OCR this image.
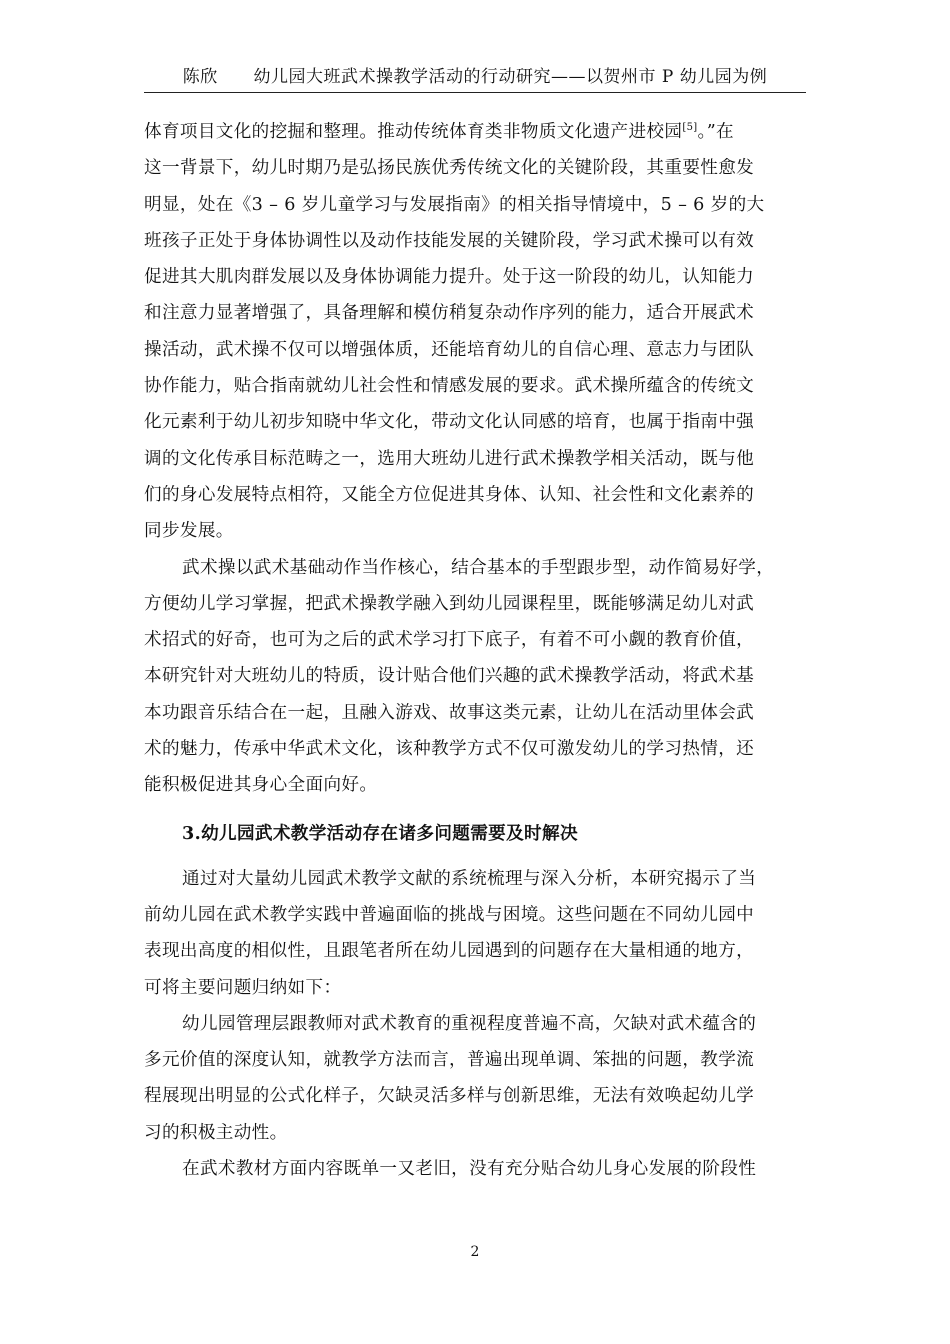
陈欣 幼儿园大班武术操教学活动的行动研究——以贺州市 P 幼儿园为例
体育项目文化的挖掘和整理。推动传统体育类非物质文化遗产进校园[5]。”在
这一背景下，幼儿时期乃是弘扬民族优秀传统文化的关键阶段，其重要性愈发
明显，处在《3 – 6 岁儿童学习与发展指南》的相关指导情境中，5 – 6 岁的大
班孩子正处于身体协调性以及动作技能发展的关键阶段，学习武术操可以有效
促进其大肌肉群发展以及身体协调能力提升。处于这一阶段的幼儿，认知能力
和注意力显著增强了，具备理解和模仿稍复杂动作序列的能力，适合开展武术
操活动，武术操不仅可以增强体质，还能培育幼儿的自信心理、意志力与团队
协作能力，贴合指南就幼儿社会性和情感发展的要求。武术操所蕴含的传统文
化元素利于幼儿初步知晓中华文化，带动文化认同感的培育，也属于指南中强
调的文化传承目标范畴之一，选用大班幼儿进行武术操教学相关活动，既与他
们的身心发展特点相符，又能全方位促进其身体、认知、社会性和文化素养的
同步发展。
武术操以武术基础动作当作核心，结合基本的手型跟步型，动作简易好学，
方便幼儿学习掌握，把武术操教学融入到幼儿园课程里，既能够满足幼儿对武
术招式的好奇，也可为之后的武术学习打下底子，有着不可小觑的教育价值，
本研究针对大班幼儿的特质，设计贴合他们兴趣的武术操教学活动，将武术基
本功跟音乐结合在一起，且融入游戏、故事这类元素，让幼儿在活动里体会武
术的魅力，传承中华武术文化，该种教学方式不仅可激发幼儿的学习热情，还
能积极促进其身心全面向好。
3.幼儿园武术教学活动存在诸多问题需要及时解决
通过对大量幼儿园武术教学文献的系统梳理与深入分析，本研究揭示了当
前幼儿园在武术教学实践中普遍面临的挑战与困境。这些问题在不同幼儿园中
表现出高度的相似性，且跟笔者所在幼儿园遇到的问题存在大量相通的地方，
可将主要问题归纳如下：
幼儿园管理层跟教师对武术教育的重视程度普遍不高，欠缺对武术蕴含的
多元价值的深度认知，就教学方法而言，普遍出现单调、笨拙的问题，教学流
程展现出明显的公式化样子，欠缺灵活多样与创新思维，无法有效唤起幼儿学
习的积极主动性。
在武术教材方面内容既单一又老旧，没有充分贴合幼儿身心发展的阶段性
2
